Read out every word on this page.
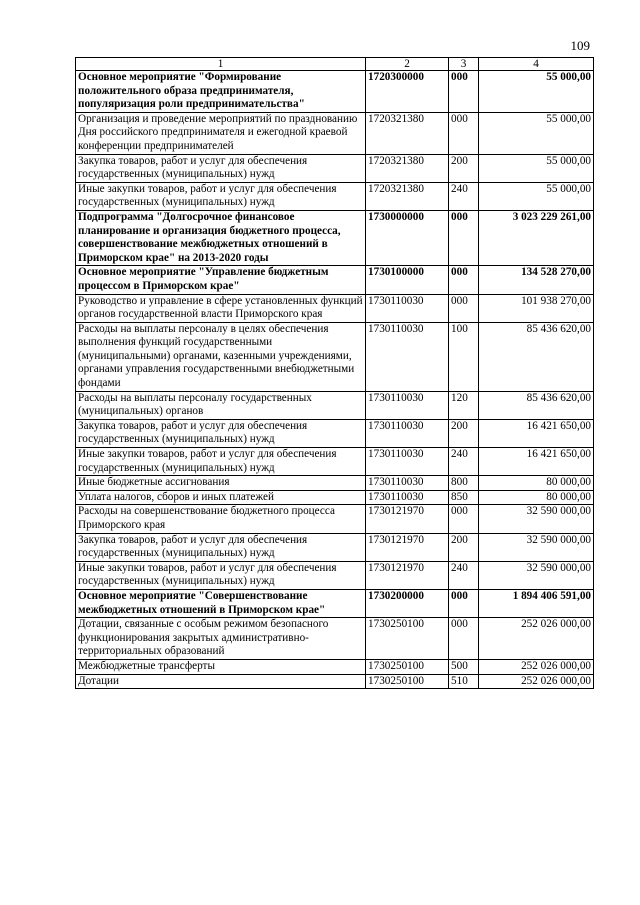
109
1	2	3	4
Основное мероприятие "Формирование положительного образа предпринимателя, популяризация роли предпринимательства"	1720300000	000	55 000,00
Организация и проведение мероприятий по празднованию Дня российского предпринимателя и ежегодной краевой конференции предпринимателей	1720321380	000	55 000,00
Закупка товаров, работ и услуг для обеспечения государственных (муниципальных) нужд	1720321380	200	55 000,00
Иные закупки товаров, работ и услуг для обеспечения государственных (муниципальных) нужд	1720321380	240	55 000,00
Подпрограмма "Долгосрочное финансовое планирование и организация бюджетного процесса, совершенствование межбюджетных отношений в Приморском крае" на 2013-2020 годы	1730000000	000	3 023 229 261,00
Основное мероприятие "Управление бюджетным процессом в Приморском крае"	1730100000	000	134 528 270,00
Руководство и управление в сфере установленных функций органов государственной власти Приморского края	1730110030	000	101 938 270,00
Расходы на выплаты персоналу в целях обеспечения выполнения функций государственными (муниципальными) органами, казенными учреждениями, органами управления государственными внебюджетными фондами	1730110030	100	85 436 620,00
Расходы на выплаты персоналу государственных (муниципальных) органов	1730110030	120	85 436 620,00
Закупка товаров, работ и услуг для обеспечения государственных (муниципальных) нужд	1730110030	200	16 421 650,00
Иные закупки товаров, работ и услуг для обеспечения государственных (муниципальных) нужд	1730110030	240	16 421 650,00
Иные бюджетные ассигнования	1730110030	800	80 000,00
Уплата налогов, сборов и иных платежей	1730110030	850	80 000,00
Расходы на совершенствование бюджетного процесса Приморского края	1730121970	000	32 590 000,00
Закупка товаров, работ и услуг для обеспечения государственных (муниципальных) нужд	1730121970	200	32 590 000,00
Иные закупки товаров, работ и услуг для обеспечения государственных (муниципальных) нужд	1730121970	240	32 590 000,00
Основное мероприятие "Совершенствование межбюджетных отношений в Приморском крае"	1730200000	000	1 894 406 591,00
Дотации, связанные с особым режимом безопасного функционирования закрытых административно-территориальных образований	1730250100	000	252 026 000,00
Межбюджетные трансферты	1730250100	500	252 026 000,00
Дотации	1730250100	510	252 026 000,00
